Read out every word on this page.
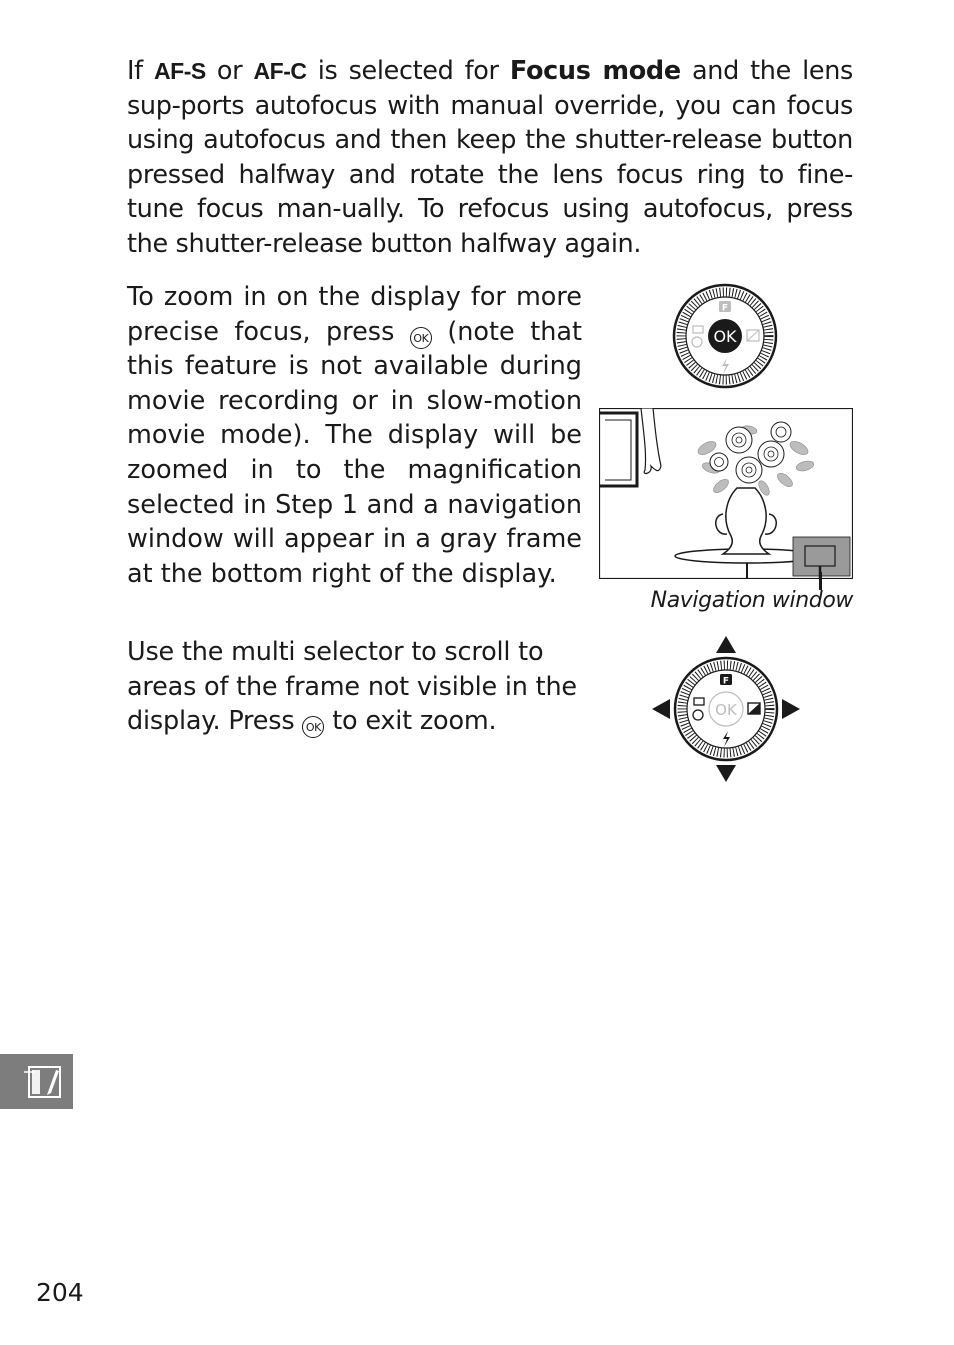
If AF-S or AF-C is selected for Focus mode and the lens sup-ports autofocus with manual override, you can focus using autofocus and then keep the shutter-release button pressed halfway and rotate the lens focus ring to fine-tune focus man-ually. To refocus using autofocus, press the shutter-release button halfway again.

To zoom in on the display for more precise focus, press OK (note that this feature is not available during movie recording or in slow-motion movie mode). The display will be zoomed in to the magnification selected in Step 1 and a navigation window will appear in a gray frame at the bottom right of the display.

Use the multi selector to scroll to areas of the frame not visible in the display. Press OK to exit zoom.

F
OK
Navigation window
F
OK
204
